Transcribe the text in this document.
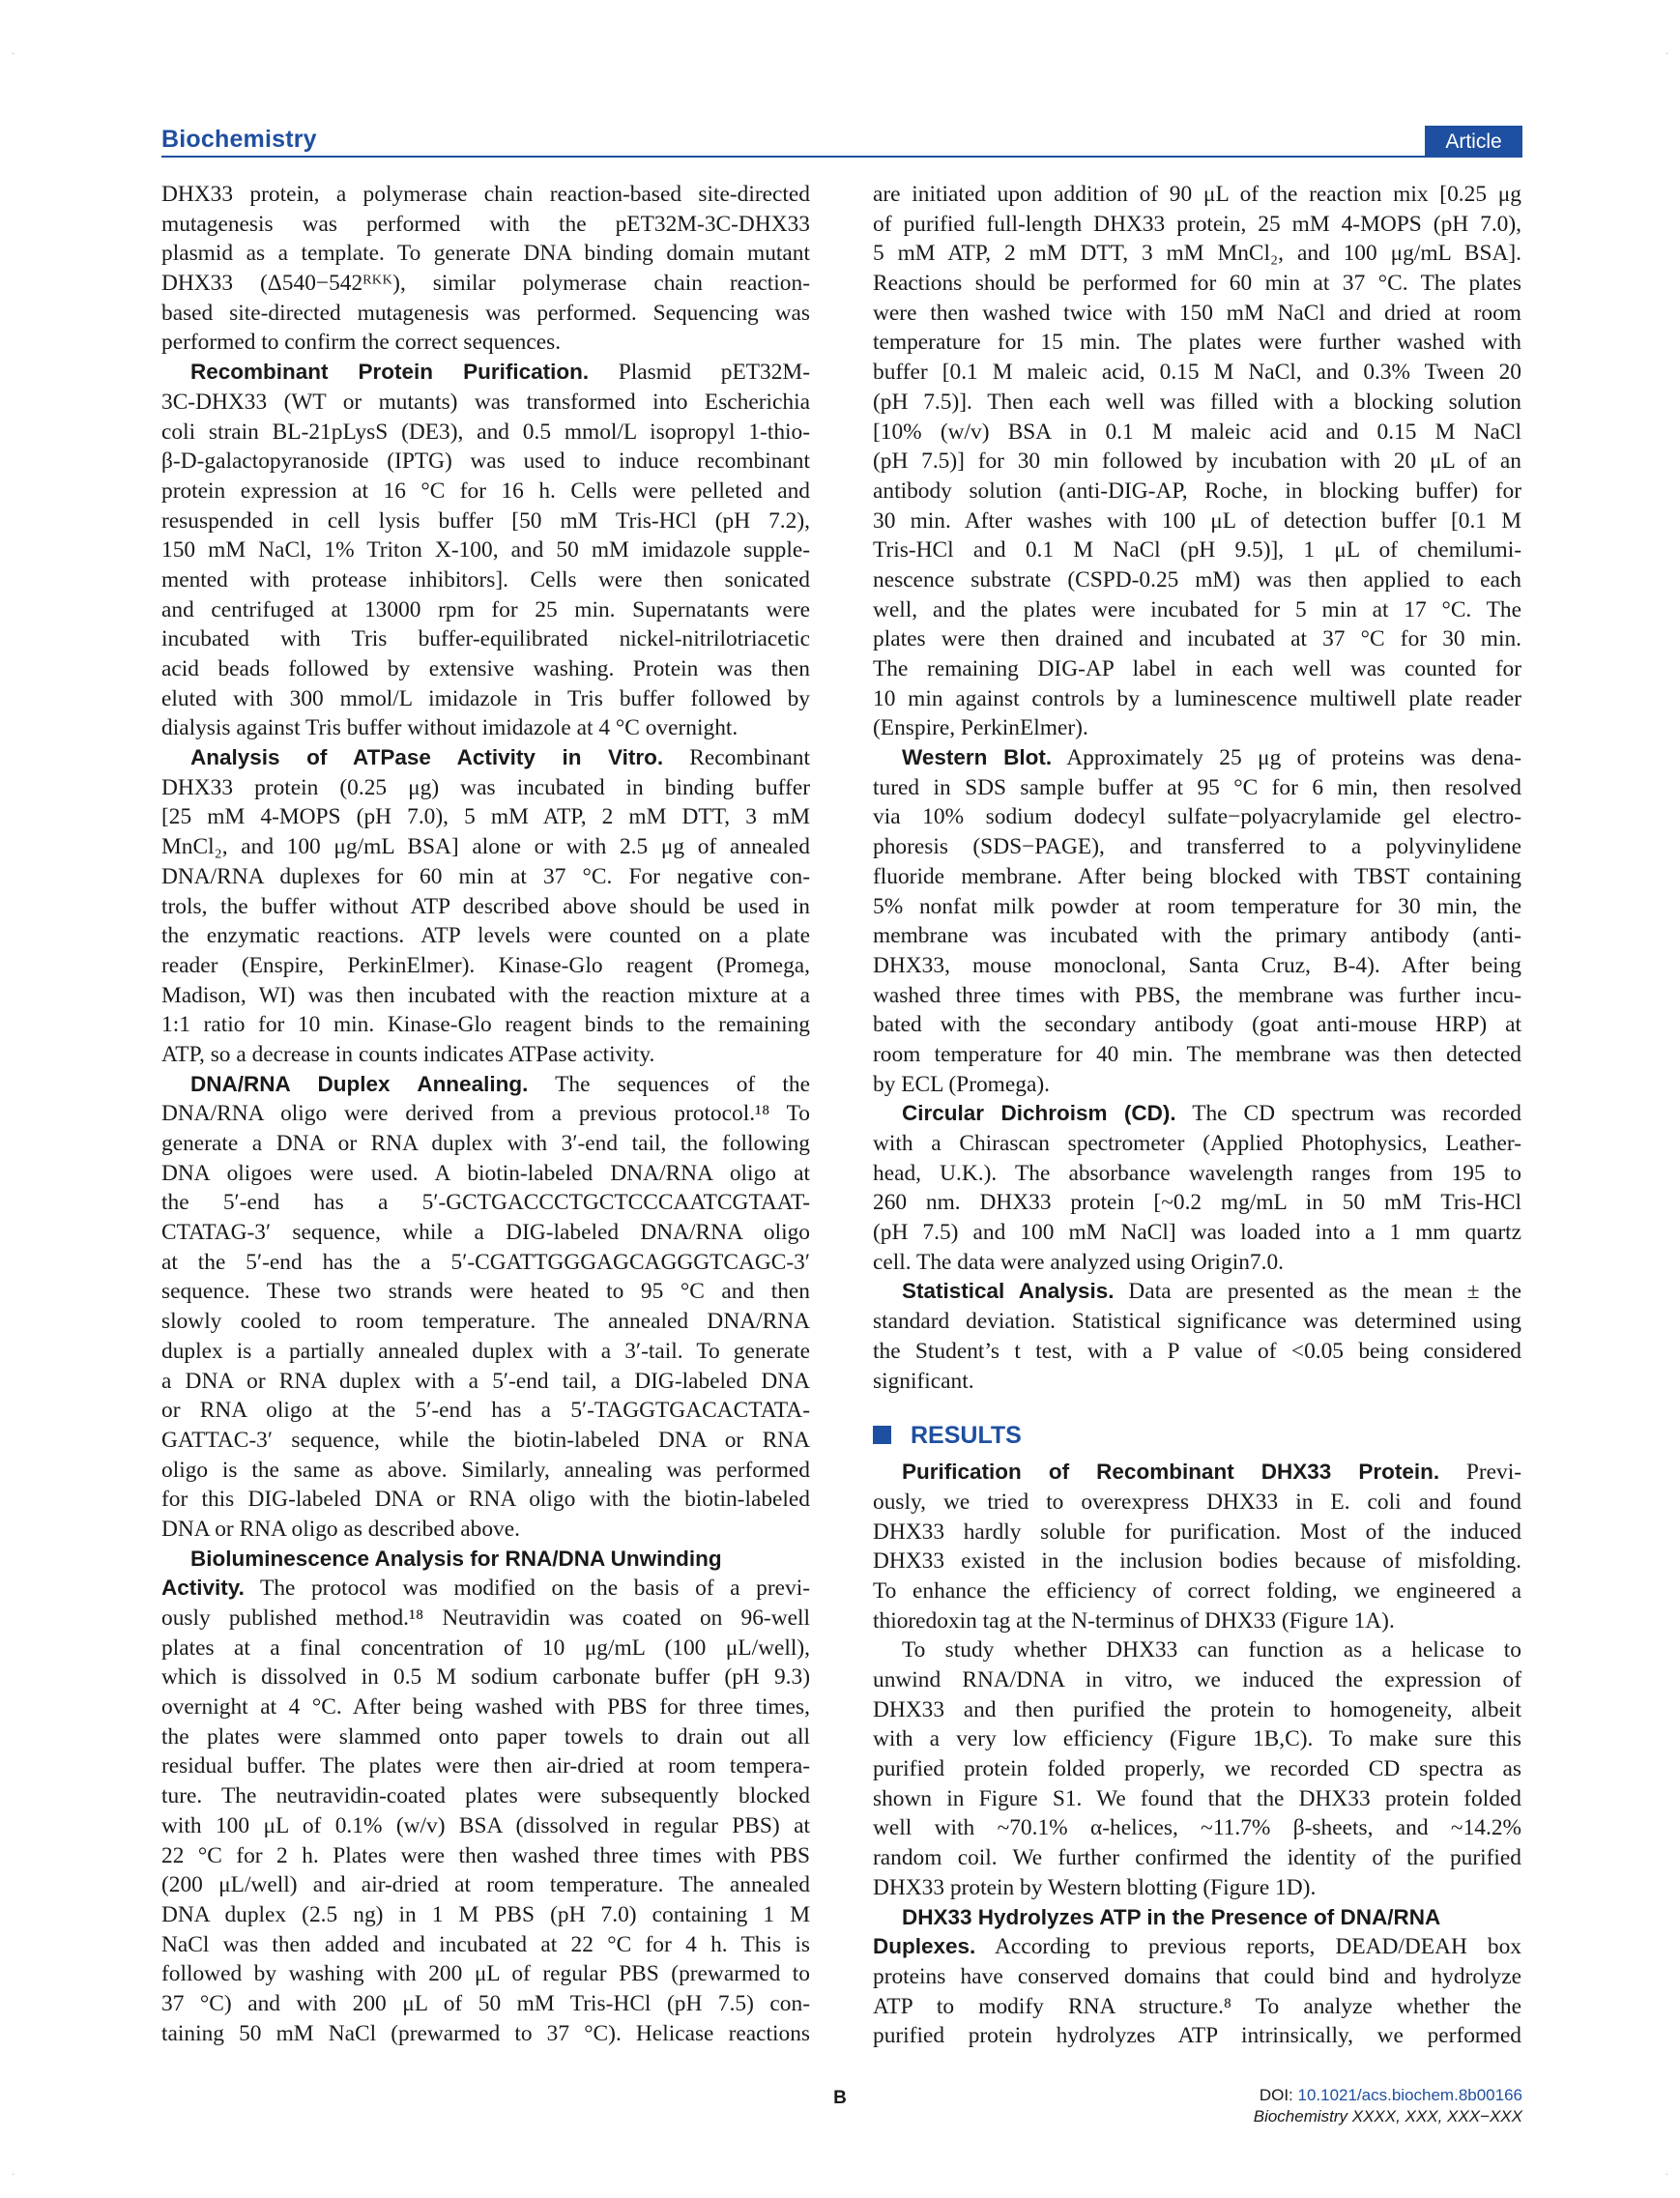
·	·
·	·
Biochemistry	Article
DHX33 protein, a polymerase chain reaction-based site-directed
mutagenesis was performed with the pET32M-3C-DHX33
plasmid as a template. To generate DNA binding domain mutant
DHX33 (Δ540−542ᴿᴷᴷ), similar polymerase chain reaction-
based site-directed mutagenesis was performed. Sequencing was
performed to confirm the correct sequences.
Recombinant Protein Purification. Plasmid pET32M-
3C-DHX33 (WT or mutants) was transformed into Escherichia
coli strain BL-21pLysS (DE3), and 0.5 mmol/L isopropyl 1-thio-
β-D-galactopyranoside (IPTG) was used to induce recombinant
protein expression at 16 °C for 16 h. Cells were pelleted and
resuspended in cell lysis buffer [50 mM Tris-HCl (pH 7.2),
150 mM NaCl, 1% Triton X-100, and 50 mM imidazole supple-
mented with protease inhibitors]. Cells were then sonicated
and centrifuged at 13000 rpm for 25 min. Supernatants were
incubated with Tris buffer-equilibrated nickel-nitrilotriacetic
acid beads followed by extensive washing. Protein was then
eluted with 300 mmol/L imidazole in Tris buffer followed by
dialysis against Tris buffer without imidazole at 4 °C overnight.
Analysis of ATPase Activity in Vitro. Recombinant
DHX33 protein (0.25 μg) was incubated in binding buffer
[25 mM 4-MOPS (pH 7.0), 5 mM ATP, 2 mM DTT, 3 mM
MnCl₂, and 100 μg/mL BSA] alone or with 2.5 μg of annealed
DNA/RNA duplexes for 60 min at 37 °C. For negative con-
trols, the buffer without ATP described above should be used in
the enzymatic reactions. ATP levels were counted on a plate
reader (Enspire, PerkinElmer). Kinase-Glo reagent (Promega,
Madison, WI) was then incubated with the reaction mixture at a
1:1 ratio for 10 min. Kinase-Glo reagent binds to the remaining
ATP, so a decrease in counts indicates ATPase activity.
DNA/RNA Duplex Annealing. The sequences of the
DNA/RNA oligo were derived from a previous protocol.¹⁸ To
generate a DNA or RNA duplex with 3′-end tail, the following
DNA oligoes were used. A biotin-labeled DNA/RNA oligo at
the 5′-end has a 5′-GCTGACCCTGCTCCCAATCGTAAT-
CTATAG-3′ sequence, while a DIG-labeled DNA/RNA oligo
at the 5′-end has the a 5′-CGATTGGGAGCAGGGTCAGC-3′
sequence. These two strands were heated to 95 °C and then
slowly cooled to room temperature. The annealed DNA/RNA
duplex is a partially annealed duplex with a 3′-tail. To generate
a DNA or RNA duplex with a 5′-end tail, a DIG-labeled DNA
or RNA oligo at the 5′-end has a 5′-TAGGTGACACTATA-
GATTAC-3′ sequence, while the biotin-labeled DNA or RNA
oligo is the same as above. Similarly, annealing was performed
for this DIG-labeled DNA or RNA oligo with the biotin-labeled
DNA or RNA oligo as described above.
Bioluminescence Analysis for RNA/DNA Unwinding
Activity. The protocol was modified on the basis of a previ-
ously published method.¹⁸ Neutravidin was coated on 96-well
plates at a final concentration of 10 μg/mL (100 μL/well),
which is dissolved in 0.5 M sodium carbonate buffer (pH 9.3)
overnight at 4 °C. After being washed with PBS for three times,
the plates were slammed onto paper towels to drain out all
residual buffer. The plates were then air-dried at room tempera-
ture. The neutravidin-coated plates were subsequently blocked
with 100 μL of 0.1% (w/v) BSA (dissolved in regular PBS) at
22 °C for 2 h. Plates were then washed three times with PBS
(200 μL/well) and air-dried at room temperature. The annealed
DNA duplex (2.5 ng) in 1 M PBS (pH 7.0) containing 1 M
NaCl was then added and incubated at 22 °C for 4 h. This is
followed by washing with 200 μL of regular PBS (prewarmed to
37 °C) and with 200 μL of 50 mM Tris-HCl (pH 7.5) con-
taining 50 mM NaCl (prewarmed to 37 °C). Helicase reactions
are initiated upon addition of 90 μL of the reaction mix [0.25 μg
of purified full-length DHX33 protein, 25 mM 4-MOPS (pH 7.0),
5 mM ATP, 2 mM DTT, 3 mM MnCl₂, and 100 μg/mL BSA].
Reactions should be performed for 60 min at 37 °C. The plates
were then washed twice with 150 mM NaCl and dried at room
temperature for 15 min. The plates were further washed with
buffer [0.1 M maleic acid, 0.15 M NaCl, and 0.3% Tween 20
(pH 7.5)]. Then each well was filled with a blocking solution
[10% (w/v) BSA in 0.1 M maleic acid and 0.15 M NaCl
(pH 7.5)] for 30 min followed by incubation with 20 μL of an
antibody solution (anti-DIG-AP, Roche, in blocking buffer) for
30 min. After washes with 100 μL of detection buffer [0.1 M
Tris-HCl and 0.1 M NaCl (pH 9.5)], 1 μL of chemilumi-
nescence substrate (CSPD-0.25 mM) was then applied to each
well, and the plates were incubated for 5 min at 17 °C. The
plates were then drained and incubated at 37 °C for 30 min.
The remaining DIG-AP label in each well was counted for
10 min against controls by a luminescence multiwell plate reader
(Enspire, PerkinElmer).
Western Blot. Approximately 25 μg of proteins was dena-
tured in SDS sample buffer at 95 °C for 6 min, then resolved
via 10% sodium dodecyl sulfate−polyacrylamide gel electro-
phoresis (SDS−PAGE), and transferred to a polyvinylidene
fluoride membrane. After being blocked with TBST containing
5% nonfat milk powder at room temperature for 30 min, the
membrane was incubated with the primary antibody (anti-
DHX33, mouse monoclonal, Santa Cruz, B-4). After being
washed three times with PBS, the membrane was further incu-
bated with the secondary antibody (goat anti-mouse HRP) at
room temperature for 40 min. The membrane was then detected
by ECL (Promega).
Circular Dichroism (CD). The CD spectrum was recorded
with a Chirascan spectrometer (Applied Photophysics, Leather-
head, U.K.). The absorbance wavelength ranges from 195 to
260 nm. DHX33 protein [~0.2 mg/mL in 50 mM Tris-HCl
(pH 7.5) and 100 mM NaCl] was loaded into a 1 mm quartz
cell. The data were analyzed using Origin7.0.
Statistical Analysis. Data are presented as the mean ± the
standard deviation. Statistical significance was determined using
the Student’s t test, with a P value of <0.05 being considered
significant.
RESULTS
Purification of Recombinant DHX33 Protein. Previ-
ously, we tried to overexpress DHX33 in E. coli and found
DHX33 hardly soluble for purification. Most of the induced
DHX33 existed in the inclusion bodies because of misfolding.
To enhance the efficiency of correct folding, we engineered a
thioredoxin tag at the N-terminus of DHX33 (Figure 1A).
To study whether DHX33 can function as a helicase to
unwind RNA/DNA in vitro, we induced the expression of
DHX33 and then purified the protein to homogeneity, albeit
with a very low efficiency (Figure 1B,C). To make sure this
purified protein folded properly, we recorded CD spectra as
shown in Figure S1. We found that the DHX33 protein folded
well with ~70.1% α-helices, ~11.7% β-sheets, and ~14.2%
random coil. We further confirmed the identity of the purified
DHX33 protein by Western blotting (Figure 1D).
DHX33 Hydrolyzes ATP in the Presence of DNA/RNA
Duplexes. According to previous reports, DEAD/DEAH box
proteins have conserved domains that could bind and hydrolyze
ATP to modify RNA structure.⁸ To analyze whether the
purified protein hydrolyzes ATP intrinsically, we performed
B	DOI: 10.1021/acs.biochem.8b00166
Biochemistry XXXX, XXX, XXX−XXX
